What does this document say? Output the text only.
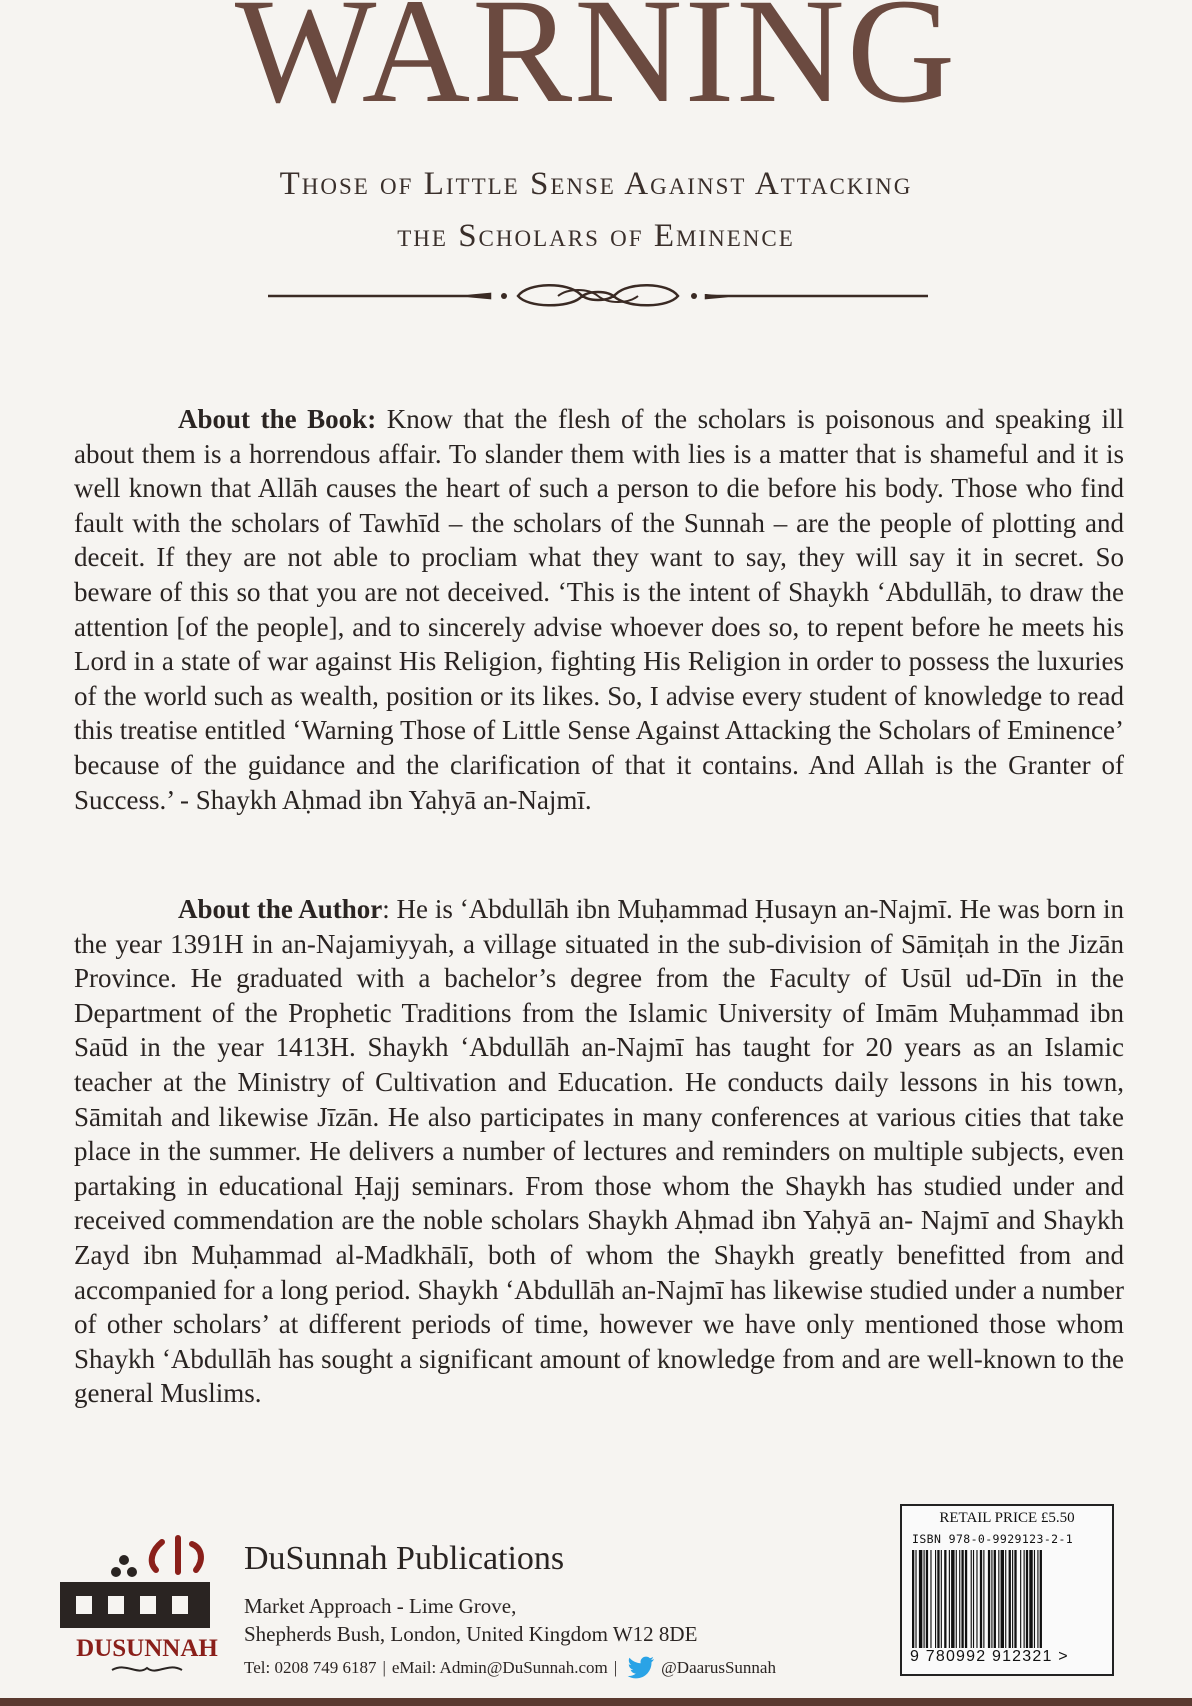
WARNING
Those of Little Sense Against Attacking
the Scholars of Eminence
About the Book: Know that the flesh of the scholars is poisonous and speaking ill about them is a horrendous affair. To slander them with lies is a matter that is shameful and it is well known that Allāh causes the heart of such a person to die before his body. Those who find fault with the scholars of Tawhīd – the scholars of the Sunnah – are the people of plotting and deceit. If they are not able to procliam what they want to say, they will say it in secret. So beware of this so that you are not deceived. ‘This is the intent of Shaykh ‘Abdullāh, to draw the attention [of the people], and to sincerely advise whoever does so, to repent before he meets his Lord in a state of war against His Religion, fighting His Religion in order to possess the luxuries of the world such as wealth, position or its likes. So, I advise every student of knowledge to read this treatise entitled ‘Warning Those of Little Sense Against Attacking the Scholars of Eminence’ because of the guidance and the clarification of that it contains. And Allah is the Granter of Success.’ - Shaykh Aḥmad ibn Yaḥyā an-Najmī.
About the Author: He is ‘Abdullāh ibn Muḥammad Ḥusayn an-Najmī. He was born in the year 1391H in an-Najamiyyah, a village situated in the sub-division of Sāmiṭah in the Jizān Province. He graduated with a bachelor’s degree from the Faculty of Usūl ud-Dīn in the Department of the Prophetic Traditions from the Islamic University of Imām Muḥammad ibn Saūd in the year 1413H. Shaykh ‘Abdullāh an-Najmī has taught for 20 years as an Islamic teacher at the Ministry of Cultivation and Education. He conducts daily lessons in his town, Sāmitah and likewise Jīzān. He also participates in many conferences at various cities that take place in the summer. He delivers a number of lectures and reminders on multiple subjects, even partaking in educational Ḥajj seminars. From those whom the Shaykh has studied under and received commendation are the noble scholars Shaykh Aḥmad ibn Yaḥyā an- Najmī and Shaykh Zayd ibn Muḥammad al-Madkhālī, both of whom the Shaykh greatly benefitted from and accompanied for a long period. Shaykh ‘Abdullāh an-Najmī has likewise studied under a number of other scholars’ at different periods of time, however we have only mentioned those whom Shaykh ‘Abdullāh has sought a significant amount of knowledge from and are well-known to the general Muslims.
DUSUNNAH
DuSunnah Publications
Market Approach - Lime Grove,
Shepherds Bush, London, United Kingdom W12 8DE
Tel: 0208 749 6187 | eMail: Admin@DuSunnah.com |	@DaarusSunnah
RETAIL PRICE £5.50
ISBN 978-0-9929123-2-1
9 780992 912321 >
